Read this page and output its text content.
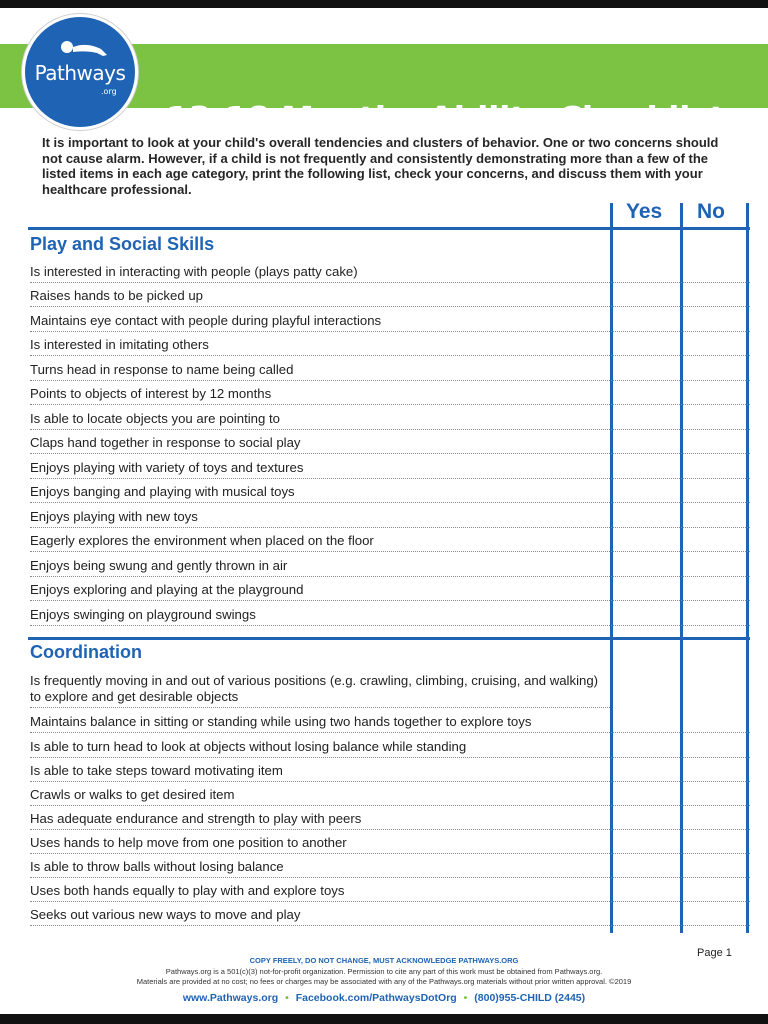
13-18 Months Ability Checklist
Pathways
.org
It is important to look at your child's overall tendencies and clusters of behavior. One or two concerns should not cause alarm. However, if a child is not frequently and consistently demonstrating more than a few of the listed items in each age category, print the following list, check your concerns, and discuss them with your healthcare professional.
Yes No
Play and Social Skills
Is interested in interacting with people (plays patty cake)
Raises hands to be picked up
Maintains eye contact with people during playful interactions
Is interested in imitating others
Turns head in response to name being called
Points to objects of interest by 12 months
Is able to locate objects you are pointing to
Claps hand together in response to social play
Enjoys playing with variety of toys and textures
Enjoys banging and playing with musical toys
Enjoys playing with new toys
Eagerly explores the environment when placed on the floor
Enjoys being swung and gently thrown in air
Enjoys exploring and playing at the playground
Enjoys swinging on playground swings
Coordination
Is frequently moving in and out of various positions (e.g. crawling, climbing, cruising, and walking) to explore and get desirable objects
Maintains balance in sitting or standing while using two hands together to explore toys
Is able to turn head to look at objects without losing balance while standing
Is able to take steps toward motivating item
Crawls or walks to get desired item
Has adequate endurance and strength to play with peers
Uses hands to help move from one position to another
Is able to throw balls without losing balance
Uses both hands equally to play with and explore toys
Seeks out various new ways to move and play
Page 1
COPY FREELY, DO NOT CHANGE, MUST ACKNOWLEDGE PATHWAYS.ORG
Pathways.org is a 501(c)(3) not-for-profit organization. Permission to cite any part of this work must be obtained from Pathways.org.
Materials are provided at no cost; no fees or charges may be associated with any of the Pathways.org materials without prior written approval. ©2019
www.Pathways.org • Facebook.com/PathwaysDotOrg • (800)955-CHILD (2445)
